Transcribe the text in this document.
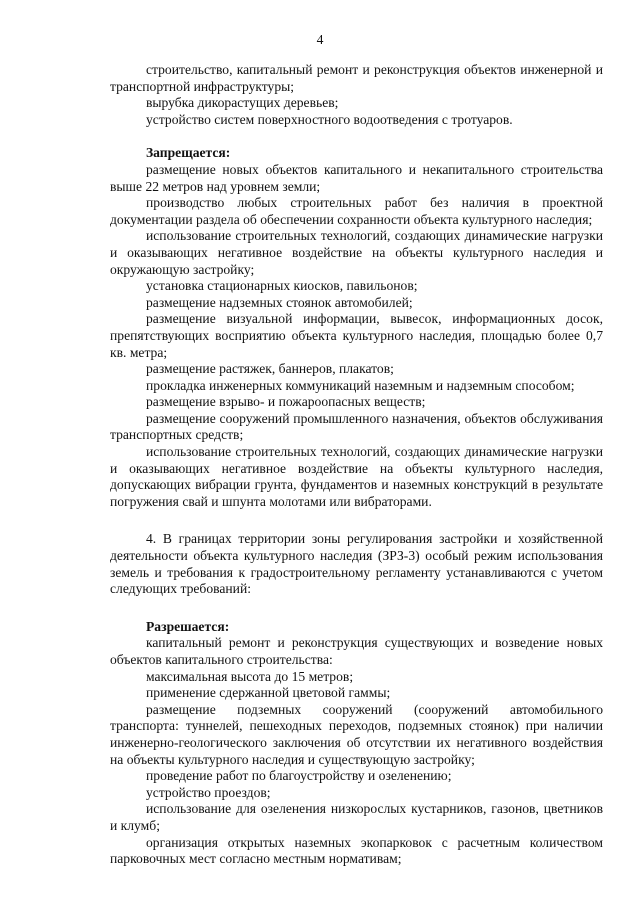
4

строительство, капитальный ремонт и реконструкция объектов инженерной и транспортной инфраструктуры;

вырубка дикорастущих деревьев;

устройство систем поверхностного водоотведения с тротуаров.

Запрещается:

размещение новых объектов капитального и некапитального строительства выше 22 метров над уровнем земли;

производство любых строительных работ без наличия в проектной документации раздела об обеспечении сохранности объекта культурного наследия;

использование строительных технологий, создающих динамические нагрузки и оказывающих негативное воздействие на объекты культурного наследия и окружающую застройку;

установка стационарных киосков, павильонов;

размещение надземных стоянок автомобилей;

размещение визуальной информации, вывесок, информационных досок, препятствующих восприятию объекта культурного наследия, площадью более 0,7 кв. метра;

размещение растяжек, баннеров, плакатов;

прокладка инженерных коммуникаций наземным и надземным способом;

размещение взрыво- и пожароопасных веществ;

размещение сооружений промышленного назначения, объектов обслуживания транспортных средств;

использование строительных технологий, создающих динамические нагрузки и оказывающих негативное воздействие на объекты культурного наследия, допускающих вибрации грунта, фундаментов и наземных конструкций в результате погружения свай и шпунта молотами или вибраторами.

4. В границах территории зоны регулирования застройки и хозяйственной деятельности объекта культурного наследия (ЗРЗ-3) особый режим использования земель и требования к градостроительному регламенту устанавливаются с учетом следующих требований:

Разрешается:

капитальный ремонт и реконструкция существующих и возведение новых объектов капитального строительства:

максимальная высота до 15 метров;

применение сдержанной цветовой гаммы;

размещение подземных сооружений (сооружений автомобильного транспорта: туннелей, пешеходных переходов, подземных стоянок) при наличии инженерно-геологического заключения об отсутствии их негативного воздействия на объекты культурного наследия и существующую застройку;

проведение работ по благоустройству и озеленению;

устройство проездов;

использование для озеленения низкорослых кустарников, газонов, цветников и клумб;

организация открытых наземных экопарковок с расчетным количеством парковочных мест согласно местным нормативам;
